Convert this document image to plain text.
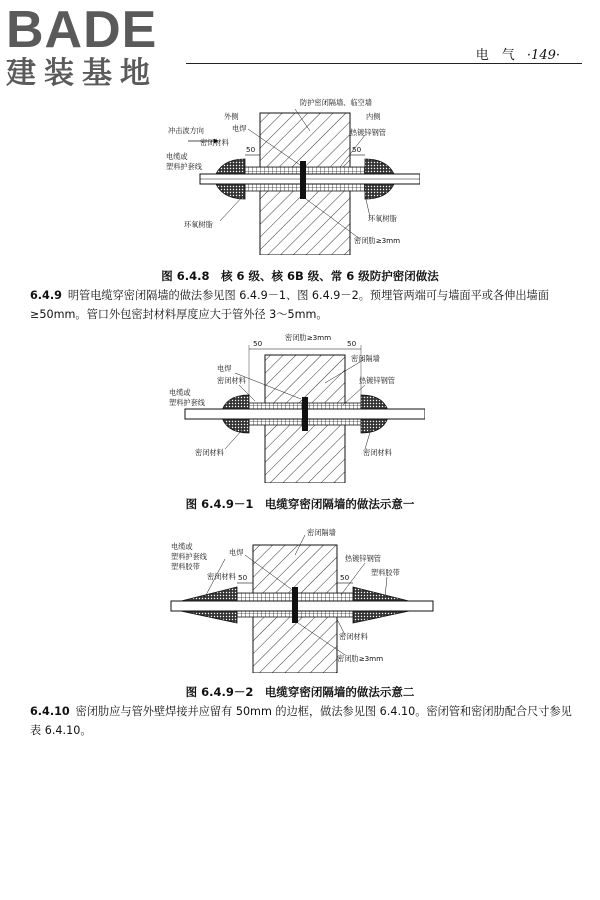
BADE
建装基地
电　气 ·149·
50	50
外侧	内侧
防护密闭隔墙、临空墙
电焊
冲击波方向
密闭材料
热镀锌钢管
电缆或
塑料护套线
环氧树脂
环氧树脂
密闭肋≥3mm
图 6.4.8　核 6 级、核 6B 级、常 6 级防护密闭做法
6.4.9 明管电缆穿密闭隔墙的做法参见图 6.4.9－1、图 6.4.9－2。预埋管两端可与墙面平或各伸出墙面≥50mm。管口外包密封材料厚度应大于管外径 3～5mm。
50	50
密闭肋≥3mm
密闭隔墙
电焊
密闭材料	热镀锌钢管
电缆或
塑料护套线
密闭材料	密闭材料
图 6.4.9－1　电缆穿密闭隔墙的做法示意一
50	50
密闭隔墙
电缆或
塑料护套线
塑料胶带
密闭材料
电焊
热镀锌钢管
塑料胶带
密闭材料
密闭肋≥3mm
图 6.4.9－2　电缆穿密闭隔墙的做法示意二
6.4.10 密闭肋应与管外壁焊接并应留有 50mm 的边框，做法参见图 6.4.10。密闭管和密闭肋配合尺寸参见表 6.4.10。
